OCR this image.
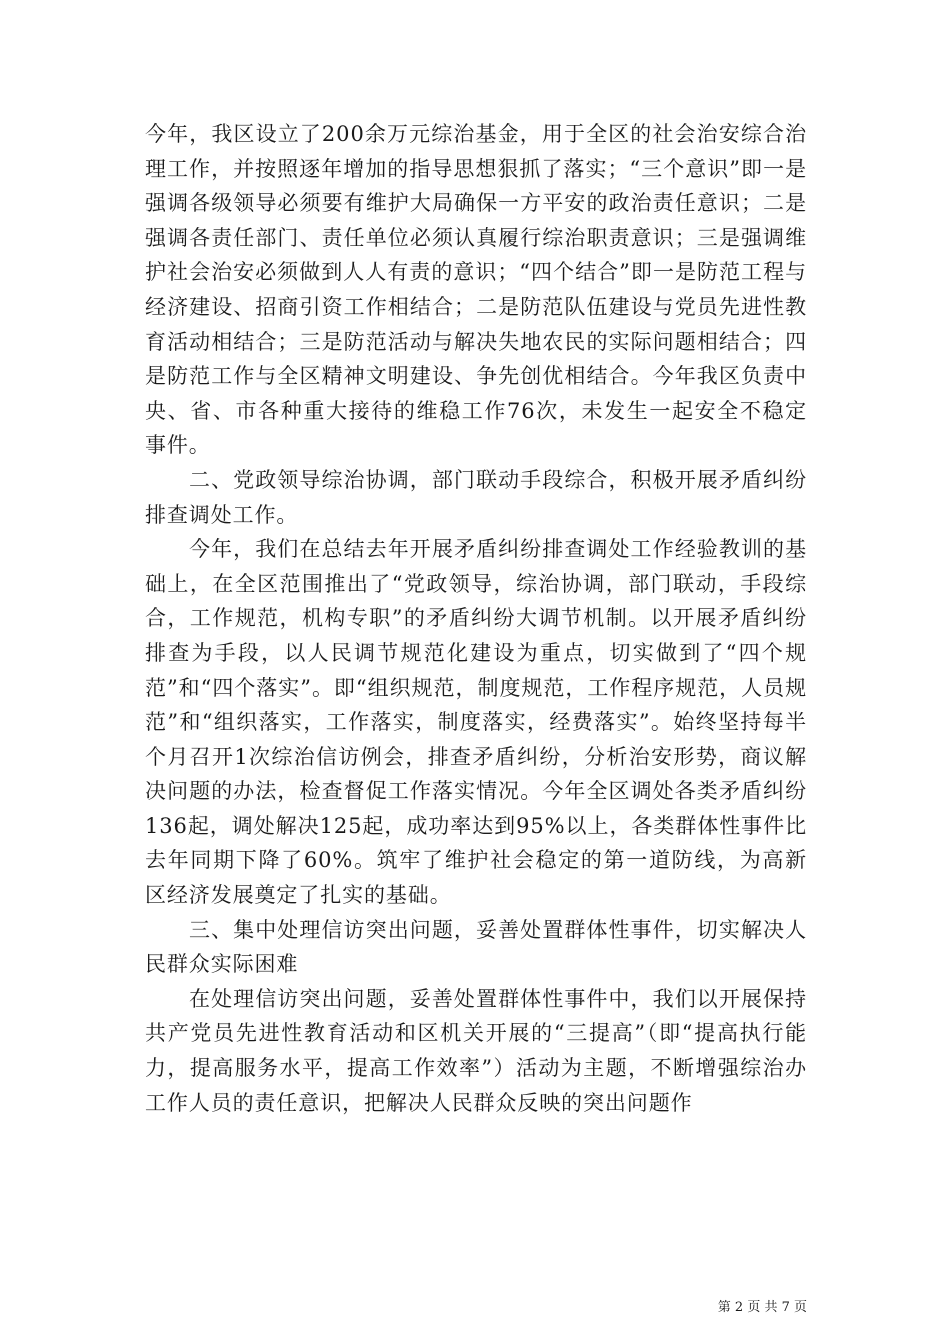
今年，我区设立了200余万元综治基金，用于全区的社会治安综合治理工作，并按照逐年增加的指导思想狠抓了落实；“三个意识”即一是强调各级领导必须要有维护大局确保一方平安的政治责任意识；二是强调各责任部门、责任单位必须认真履行综治职责意识；三是强调维护社会治安必须做到人人有责的意识；“四个结合”即一是防范工程与经济建设、招商引资工作相结合；二是防范队伍建设与党员先进性教育活动相结合；三是防范活动与解决失地农民的实际问题相结合；四是防范工作与全区精神文明建设、争先创优相结合。今年我区负责中央、省、市各种重大接待的维稳工作76次，未发生一起安全不稳定事件。

二、党政领导综治协调，部门联动手段综合，积极开展矛盾纠纷排查调处工作。

今年，我们在总结去年开展矛盾纠纷排查调处工作经验教训的基础上，在全区范围推出了“党政领导，综治协调，部门联动，手段综合，工作规范，机构专职”的矛盾纠纷大调节机制。以开展矛盾纠纷排查为手段，以人民调节规范化建设为重点，切实做到了“四个规范”和“四个落实”。即“组织规范，制度规范，工作程序规范，人员规范”和“组织落实，工作落实，制度落实，经费落实”。始终坚持每半个月召开1次综治信访例会，排查矛盾纠纷，分析治安形势，商议解决问题的办法，检查督促工作落实情况。今年全区调处各类矛盾纠纷136起，调处解决125起，成功率达到95%以上，各类群体性事件比去年同期下降了60%。筑牢了维护社会稳定的第一道防线，为高新区经济发展奠定了扎实的基础。

三、集中处理信访突出问题，妥善处置群体性事件，切实解决人民群众实际困难

在处理信访突出问题，妥善处置群体性事件中，我们以开展保持共产党员先进性教育活动和区机关开展的“三提高”（即“提高执行能力，提高服务水平，提高工作效率”）活动为主题，不断增强综治办工作人员的责任意识，把解决人民群众反映的突出问题作

第 2 页 共 7 页
